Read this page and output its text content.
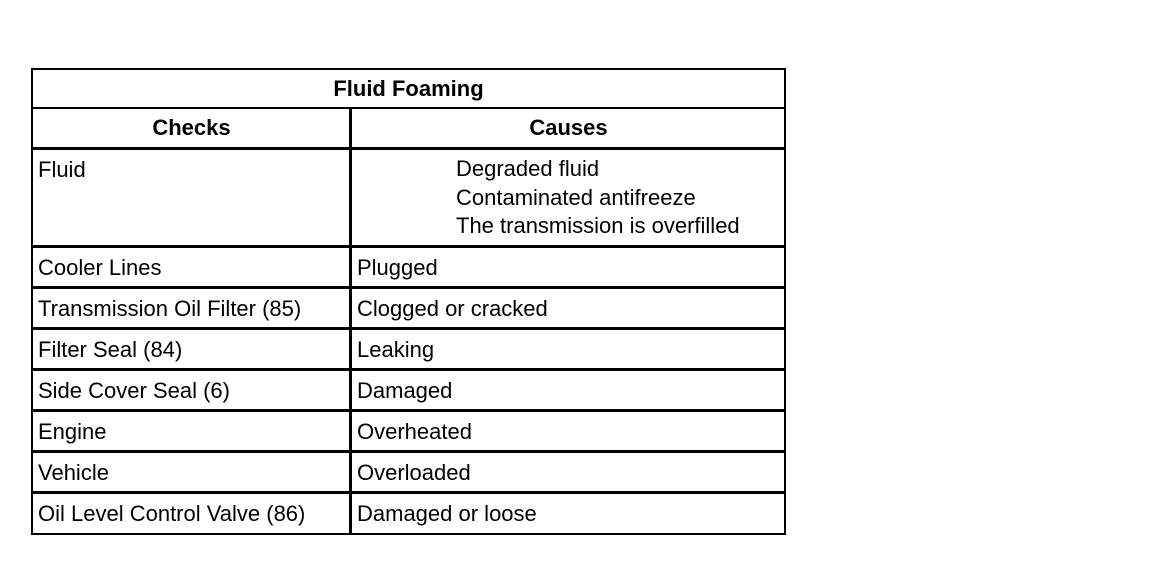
Fluid Foaming
Checks	Causes
Fluid	Degraded fluid
Contaminated antifreeze
The transmission is overfilled
Cooler Lines	Plugged
Transmission Oil Filter (85)	Clogged or cracked
Filter Seal (84)	Leaking
Side Cover Seal (6)	Damaged
Engine	Overheated
Vehicle	Overloaded
Oil Level Control Valve (86)	Damaged or loose
